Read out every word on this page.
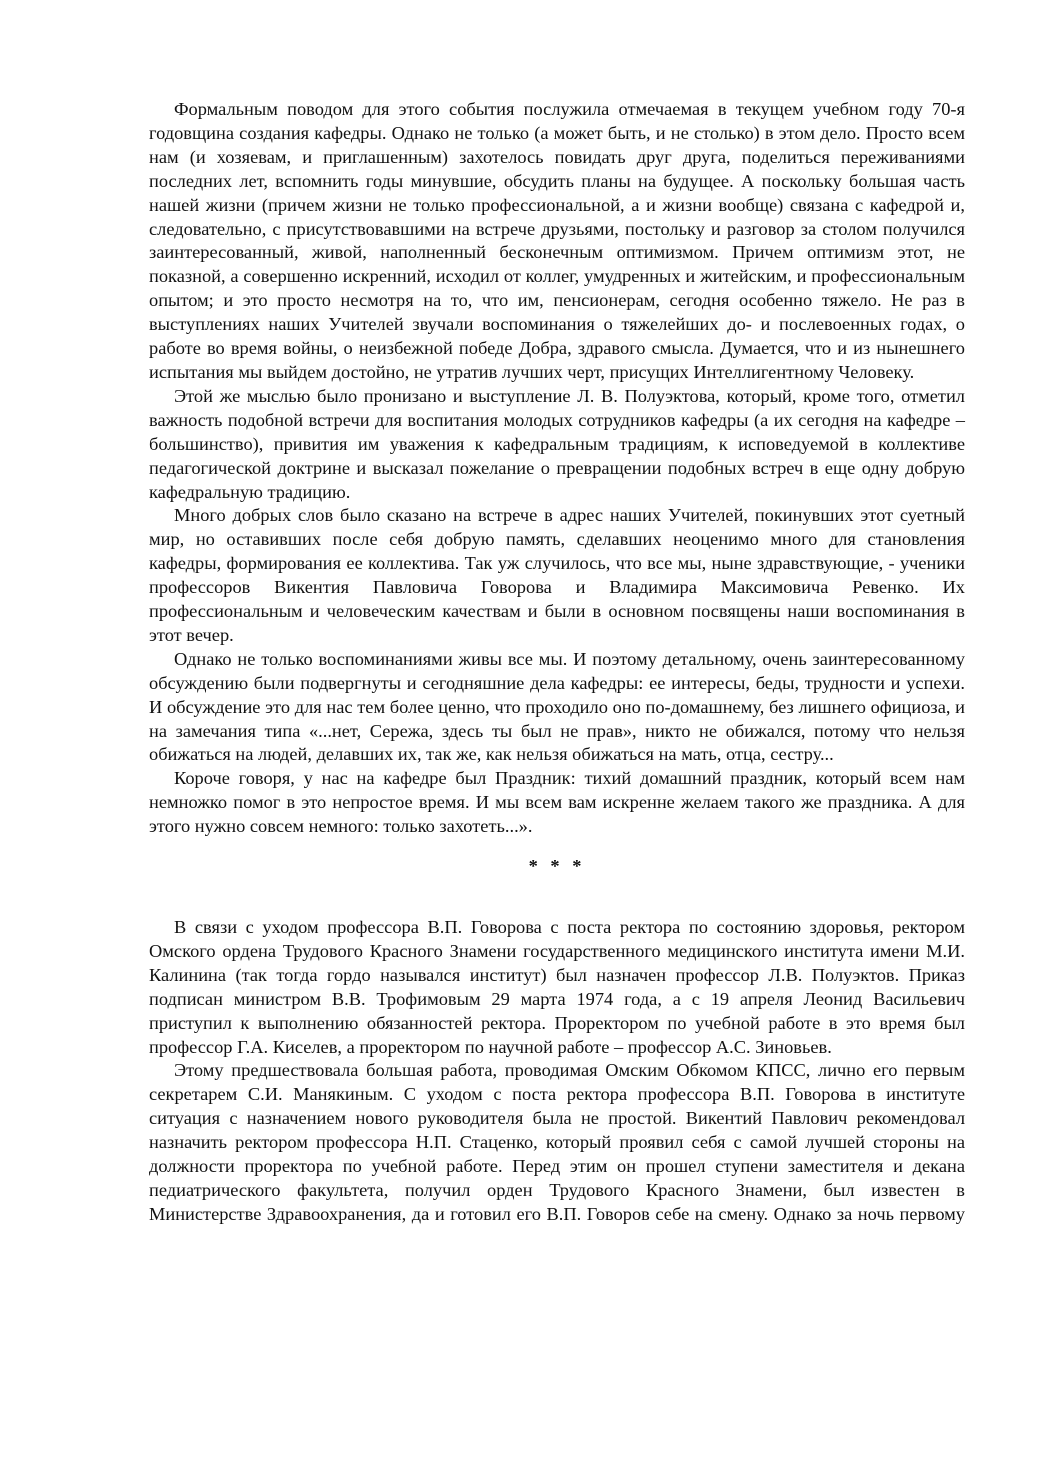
Формальным поводом для этого события послужила отмечаемая в текущем учебном году 70-я годовщина создания кафедры. Однако не только (а может быть, и не столько) в этом дело. Просто всем нам (и хозяевам, и приглашенным) захотелось повидать друг друга, поделиться переживаниями последних лет, вспомнить годы минувшие, обсудить планы на будущее. А поскольку большая часть нашей жизни (причем жизни не только профессиональной, а и жизни вообще) связана с кафедрой и, следовательно, с присутствовавшими на встрече друзьями, постольку и разговор за столом получился заинтересованный, живой, наполненный бесконечным оптимизмом. Причем оптимизм этот, не показной, а совершенно искренний, исходил от коллег, умудренных и житейским, и профессиональным опытом; и это просто несмотря на то, что им, пенсионерам, сегодня особенно тяжело. Не раз в выступлениях наших Учителей звучали воспоминания о тяжелейших до- и послевоенных годах, о работе во время войны, о неизбежной победе Добра, здравого смысла. Думается, что и из нынешнего испытания мы выйдем достойно, не утратив лучших черт, присущих Интеллигентному Человеку.

Этой же мыслью было пронизано и выступление Л. В. Полуэктова, который, кроме того, отметил важность подобной встречи для воспитания молодых сотрудников кафедры (а их сегодня на кафедре – большинство), привития им уважения к кафедральным традициям, к исповедуемой в коллективе педагогической доктрине и высказал пожелание о превращении подобных встреч в еще одну добрую кафедральную традицию.

Много добрых слов было сказано на встрече в адрес наших Учителей, покинувших этот суетный мир, но оставивших после себя добрую память, сделавших неоценимо много для становления кафедры, формирования ее коллектива. Так уж случилось, что все мы, ныне здравствующие, - ученики профессоров Викентия Павловича Говорова и Владимира Максимовича Ревенко. Их профессиональным и человеческим качествам и были в основном посвящены наши воспоминания в этот вечер.

Однако не только воспоминаниями живы все мы. И поэтому детальному, очень заинтересованному обсуждению были подвергнуты и сегодняшние дела кафедры: ее интересы, беды, трудности и успехи. И обсуждение это для нас тем более ценно, что проходило оно по-домашнему, без лишнего официоза, и на замечания типа «...нет, Сережа, здесь ты был не прав», никто не обижался, потому что нельзя обижаться на людей, делавших их, так же, как нельзя обижаться на мать, отца, сестру...

Короче говоря, у нас на кафедре был Праздник: тихий домашний праздник, который всем нам немножко помог в это непростое время. И мы всем вам искренне желаем такого же праздника. А для этого нужно совсем немного: только захотеть...».

* * *

В связи с уходом профессора В.П. Говорова с поста ректора по состоянию здоровья, ректором Омского ордена Трудового Красного Знамени государственного медицинского института имени М.И. Калинина (так тогда гордо назывался институт) был назначен профессор Л.В. Полуэктов. Приказ подписан министром В.В. Трофимовым 29 марта 1974 года, а с 19 апреля Леонид Васильевич приступил к выполнению обязанностей ректора. Проректором по учебной работе в это время был профессор Г.А. Киселев, а проректором по научной работе – профессор А.С. Зиновьев.

Этому предшествовала большая работа, проводимая Омским Обкомом КПСС, лично его первым секретарем С.И. Манякиным. С уходом с поста ректора профессора В.П. Говорова в институте ситуация с назначением нового руководителя была не простой. Викентий Павлович рекомендовал назначить ректором профессора Н.П. Стаценко, который проявил себя с самой лучшей стороны на должности проректора по учебной работе. Перед этим он прошел ступени заместителя и декана педиатрического факультета, получил орден Трудового Красного Знамени, был известен в Министерстве Здравоохранения, да и готовил его В.П. Говоров себе на смену. Однако за ночь первому
